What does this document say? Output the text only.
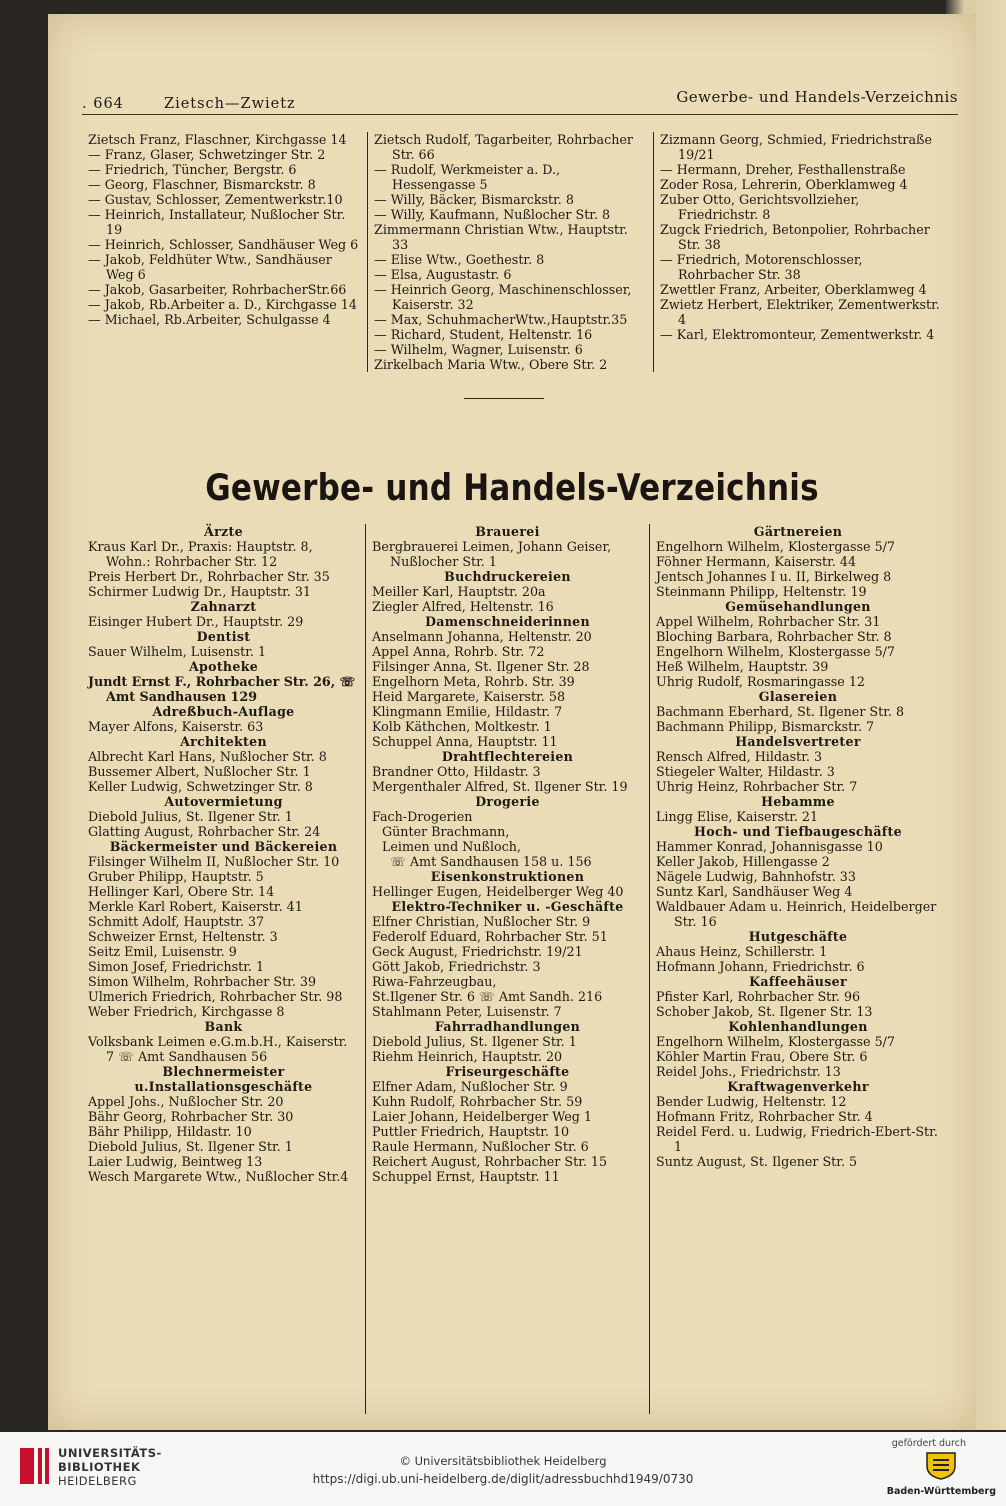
. 664	Zietsch—Zwietz	Gewerbe- und Handels-Verzeichnis

Zietsch Franz, Flaschner, Kirchgasse 14

— Franz, Glaser, Schwetzinger Str. 2

— Friedrich, Tüncher, Bergstr. 6

— Georg, Flaschner, Bismarckstr. 8

— Gustav, Schlosser, Zementwerkstr.10

— Heinrich, Installateur, Nußlocher Str. 19

— Heinrich, Schlosser, Sandhäuser Weg 6

— Jakob, Feldhüter Wtw., Sandhäuser Weg 6

— Jakob, Gasarbeiter, RohrbacherStr.66

— Jakob, Rb.Arbeiter a. D., Kirchgasse 14

— Michael, Rb.Arbeiter, Schulgasse 4

Zietsch Rudolf, Tagarbeiter, Rohrbacher Str. 66

— Rudolf, Werkmeister a. D., Hessengasse 5

— Willy, Bäcker, Bismarckstr. 8

— Willy, Kaufmann, Nußlocher Str. 8

Zimmermann Christian Wtw., Hauptstr. 33

— Elise Wtw., Goethestr. 8

— Elsa, Augustastr. 6

— Heinrich Georg, Maschinenschlosser, Kaiserstr. 32

— Max, SchuhmacherWtw.,Hauptstr.35

— Richard, Student, Heltenstr. 16

— Wilhelm, Wagner, Luisenstr. 6

Zirkelbach Maria Wtw., Obere Str. 2

Zizmann Georg, Schmied, Friedrichstraße 19/21

— Hermann, Dreher, Festhallenstraße

Zoder Rosa, Lehrerin, Oberklamweg 4

Zuber Otto, Gerichtsvollzieher, Friedrichstr. 8

Zugck Friedrich, Betonpolier, Rohrbacher Str. 38

— Friedrich, Motorenschlosser, Rohrbacher Str. 38

Zwettler Franz, Arbeiter, Oberklamweg 4

Zwietz Herbert, Elektriker, Zementwerkstr. 4

— Karl, Elektromonteur, Zementwerkstr. 4

Gewerbe- und Handels-Verzeichnis

Ärzte

Kraus Karl Dr., Praxis: Hauptstr. 8, Wohn.: Rohrbacher Str. 12

Preis Herbert Dr., Rohrbacher Str. 35

Schirmer Ludwig Dr., Hauptstr. 31

Zahnarzt

Eisinger Hubert Dr., Hauptstr. 29

Dentist

Sauer Wilhelm, Luisenstr. 1

Apotheke

Jundt Ernst F., Rohrbacher Str. 26, ☏ Amt Sandhausen 129

Adreßbuch-Auflage

Mayer Alfons, Kaiserstr. 63

Architekten

Albrecht Karl Hans, Nußlocher Str. 8

Bussemer Albert, Nußlocher Str. 1

Keller Ludwig, Schwetzinger Str. 8

Autovermietung

Diebold Julius, St. Ilgener Str. 1

Glatting August, Rohrbacher Str. 24

Bäckermeister und Bäckereien

Filsinger Wilhelm II, Nußlocher Str. 10

Gruber Philipp, Hauptstr. 5

Hellinger Karl, Obere Str. 14

Merkle Karl Robert, Kaiserstr. 41

Schmitt Adolf, Hauptstr. 37

Schweizer Ernst, Heltenstr. 3

Seitz Emil, Luisenstr. 9

Simon Josef, Friedrichstr. 1

Simon Wilhelm, Rohrbacher Str. 39

Ulmerich Friedrich, Rohrbacher Str. 98

Weber Friedrich, Kirchgasse 8

Bank

Volksbank Leimen e.G.m.b.H., Kaiserstr. 7 ☏ Amt Sandhausen 56

Blechnermeister u.Installationsgeschäfte

Appel Johs., Nußlocher Str. 20

Bähr Georg, Rohrbacher Str. 30

Bähr Philipp, Hildastr. 10

Diebold Julius, St. Ilgener Str. 1

Laier Ludwig, Beintweg 13

Wesch Margarete Wtw., Nußlocher Str.4

Brauerei

Bergbrauerei Leimen, Johann Geiser, Nußlocher Str. 1

Buchdruckereien

Meiller Karl, Hauptstr. 20a

Ziegler Alfred, Heltenstr. 16

Damenschneiderinnen

Anselmann Johanna, Heltenstr. 20

Appel Anna, Rohrb. Str. 72

Filsinger Anna, St. Ilgener Str. 28

Engelhorn Meta, Rohrb. Str. 39

Heid Margarete, Kaiserstr. 58

Klingmann Emilie, Hildastr. 7

Kolb Käthchen, Moltkestr. 1

Schuppel Anna, Hauptstr. 11

Drahtflechtereien

Brandner Otto, Hildastr. 3

Mergenthaler Alfred, St. Ilgener Str. 19

Drogerie

Fach-Drogerien

Günter Brachmann,

Leimen und Nußloch,

☏ Amt Sandhausen 158 u. 156

Eisenkonstruktionen

Hellinger Eugen, Heidelberger Weg 40

Elektro-Techniker u. -Geschäfte

Elfner Christian, Nußlocher Str. 9

Federolf Eduard, Rohrbacher Str. 51

Geck August, Friedrichstr. 19/21

Gött Jakob, Friedrichstr. 3

Riwa-Fahrzeugbau,

St.Ilgener Str. 6 ☏ Amt Sandh. 216

Stahlmann Peter, Luisenstr. 7

Fahrradhandlungen

Diebold Julius, St. Ilgener Str. 1

Riehm Heinrich, Hauptstr. 20

Friseurgeschäfte

Elfner Adam, Nußlocher Str. 9

Kuhn Rudolf, Rohrbacher Str. 59

Laier Johann, Heidelberger Weg 1

Puttler Friedrich, Hauptstr. 10

Raule Hermann, Nußlocher Str. 6

Reichert August, Rohrbacher Str. 15

Schuppel Ernst, Hauptstr. 11

Gärtnereien

Engelhorn Wilhelm, Klostergasse 5/7

Föhner Hermann, Kaiserstr. 44

Jentsch Johannes I u. II, Birkelweg 8

Steinmann Philipp, Heltenstr. 19

Gemüsehandlungen

Appel Wilhelm, Rohrbacher Str. 31

Bloching Barbara, Rohrbacher Str. 8

Engelhorn Wilhelm, Klostergasse 5/7

Heß Wilhelm, Hauptstr. 39

Uhrig Rudolf, Rosmaringasse 12

Glasereien

Bachmann Eberhard, St. Ilgener Str. 8

Bachmann Philipp, Bismarckstr. 7

Handelsvertreter

Rensch Alfred, Hildastr. 3

Stiegeler Walter, Hildastr. 3

Uhrig Heinz, Rohrbacher Str. 7

Hebamme

Lingg Elise, Kaiserstr. 21

Hoch- und Tiefbaugeschäfte

Hammer Konrad, Johannisgasse 10

Keller Jakob, Hillengasse 2

Nägele Ludwig, Bahnhofstr. 33

Suntz Karl, Sandhäuser Weg 4

Waldbauer Adam u. Heinrich, Heidelberger Str. 16

Hutgeschäfte

Ahaus Heinz, Schillerstr. 1

Hofmann Johann, Friedrichstr. 6

Kaffeehäuser

Pfister Karl, Rohrbacher Str. 96

Schober Jakob, St. Ilgener Str. 13

Kohlenhandlungen

Engelhorn Wilhelm, Klostergasse 5/7

Köhler Martin Frau, Obere Str. 6

Reidel Johs., Friedrichstr. 13

Kraftwagenverkehr

Bender Ludwig, Heltenstr. 12

Hofmann Fritz, Rohrbacher Str. 4

Reidel Ferd. u. Ludwig, Friedrich-Ebert-Str. 1

Suntz August, St. Ilgener Str. 5

UNIVERSITÄTS-
BIBLIOTHEK
HEIDELBERG
© Universitätsbibliothek Heidelberg
https://digi.ub.uni-heidelberg.de/diglit/adressbuchhd1949/0730
gefördert durch
Baden-Württemberg
